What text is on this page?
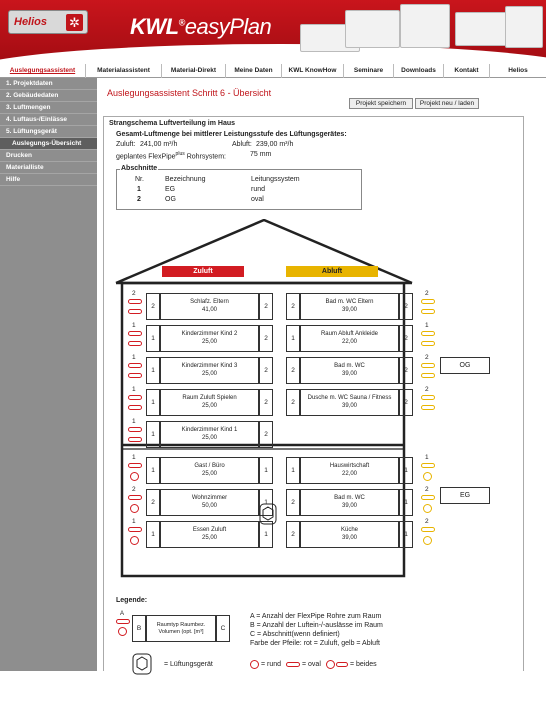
Helios ✲ KWL®easyPlan
Auslegungsassistent	Materialassistent	Material-Direkt	Meine Daten	KWL KnowHow	Seminare	Downloads	Kontakt	Helios
1. Projektdaten
2. Gebäudedaten
3. Luftmengen
4. Luftaus-/Einlässe
5. Lüftungsgerät
Auslegungs-Übersicht
Drucken
Materialliste
Hilfe
Auslegungsassistent Schritt 6 - Übersicht
Projekt speichern	Projekt neu / laden
Strangschema Luftverteilung im Haus
Gesamt-Luftmenge bei mittlerer Leistungsstufe des Lüftungsgerätes:
Zuluft: 241,00 m³/h	Abluft: 239,00 m³/h
geplantes FlexPipe$^{plus}$ Rohrsystem:	75 mm
Abschnitte
Nr.	Bezeichnung	Leitungssystem
1	EG	rund
2	OG	oval
Zuluft	Abluft
2
2
Schlafz. Eltern
41,00	2
1
1
Kinderzimmer Kind 2
25,00	2
1
1
Kinderzimmer Kind 3
25,00	2
1
1
Raum Zuluft Spielen
25,00	2
1
1
Kinderzimmer Kind 1
25,00	2
2
2
Bad m. WC Eltern
39,00	2
1
1
Raum Abluft Ankleide
22,00	2
2
2
Bad m. WC
39,00	2
2
2
Dusche m. WC Sauna / Fitness
39,00	2
1
1
Gast / Büro
25,00	1
2
2
Wohnzimmer
50,00	1
1
1
Essen Zuluft
25,00	1
1
1
Hauswirtschaft
22,00	1
2
2
Bad m. WC
39,00	1
2
2
Küche
39,00	1
OG
EG
Legende:
A
B	Raumtyp Raumbez. Volumen (opt. [m³]	C
A = Anzahl der FlexPipe Rohre zum Raum
B = Anzahl der Luftein-/-auslässe im Raum
C = Abschnitt(wenn definiert)
Farbe der Pfeile: rot = Zuluft, gelb = Abluft
= Lüftungsgerät	= rund	= oval	= beides
